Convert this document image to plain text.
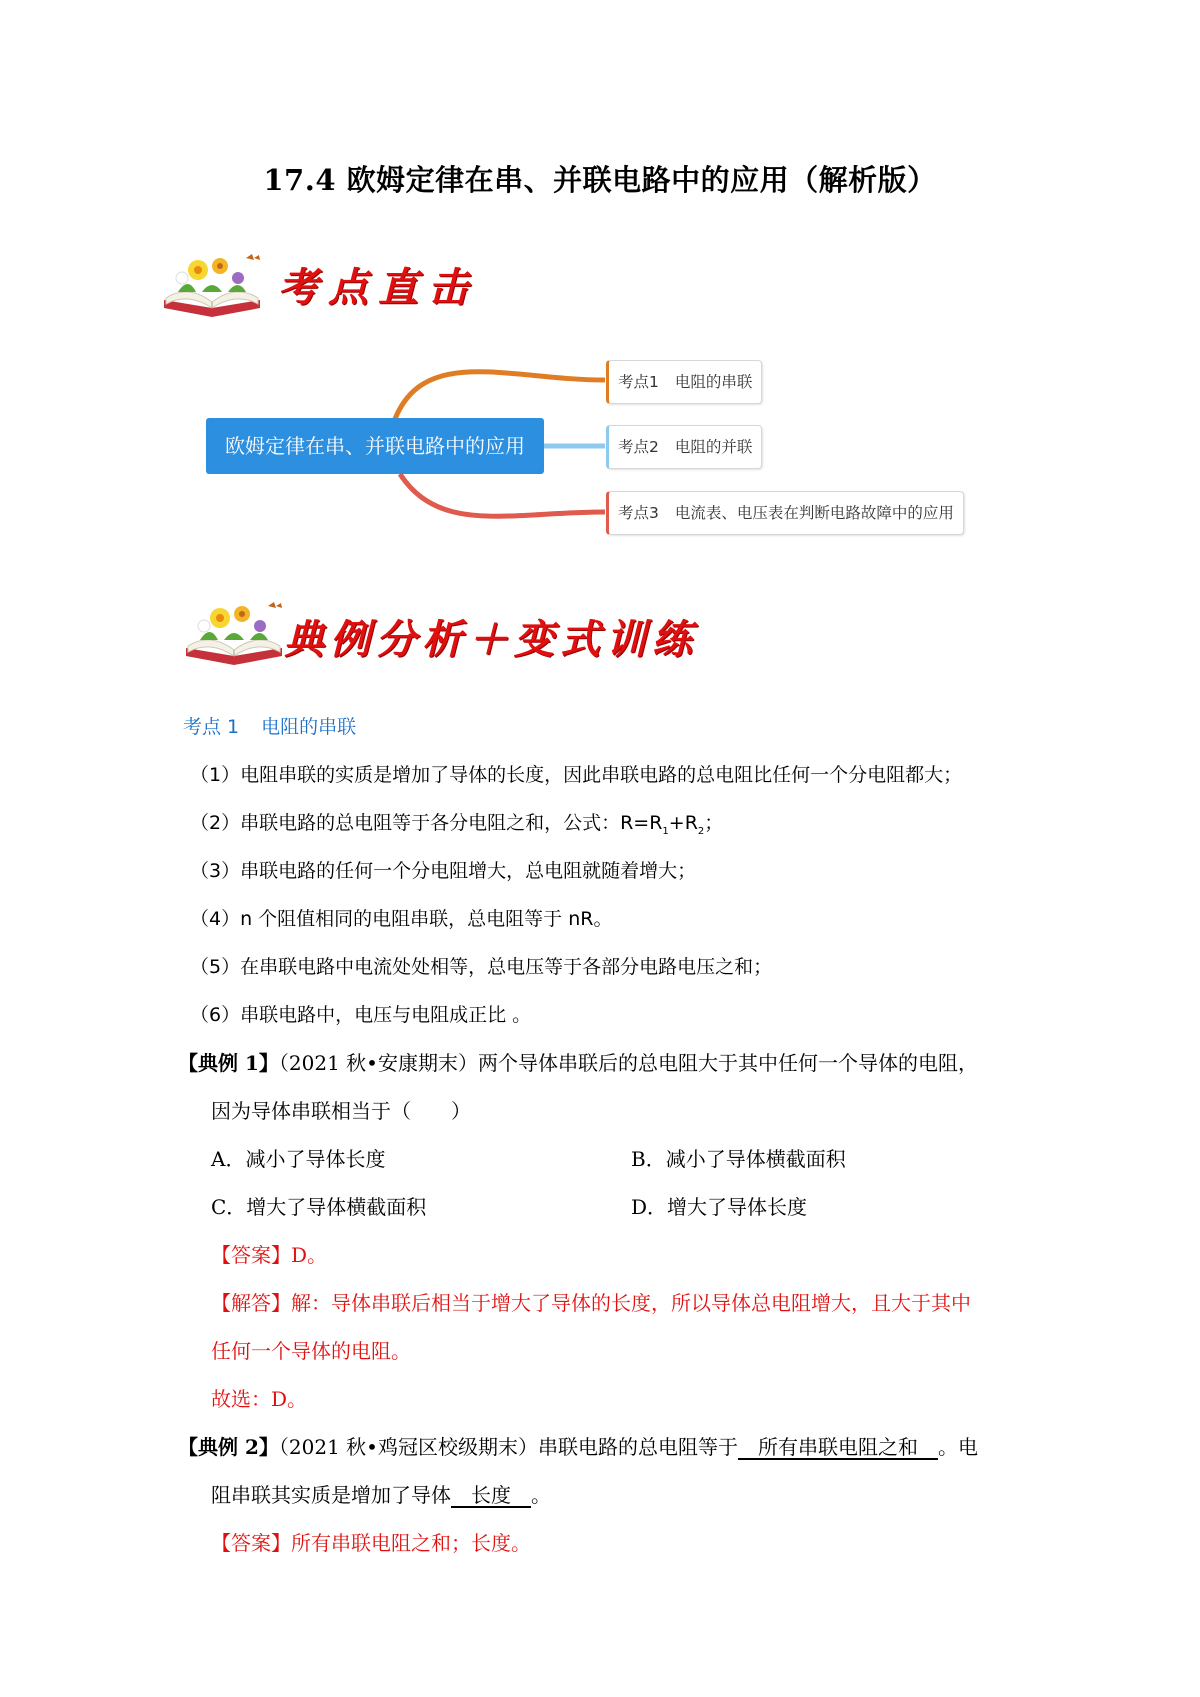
17.4 欧姆定律在串、并联电路中的应用（解析版）
考点直击
欧姆定律在串、并联电路中的应用
考点1 电阻的串联
考点2 电阻的并联
考点3 电流表、电压表在判断电路故障中的应用
典例分析＋变式训练
考点 1 电阻的串联
（1）电阻串联的实质是增加了导体的长度，因此串联电路的总电阻比任何一个分电阻都大；
（2）串联电路的总电阻等于各分电阻之和，公式：$R=R_1+R_2$；
（3）串联电路的任何一个分电阻增大，总电阻就随着增大；
（4）n 个阻值相同的电阻串联，总电阻等于 nR。
（5）在串联电路中电流处处相等，总电压等于各部分电路电压之和；
（6）串联电路中，电压与电阻成正比 。
【典例 1】（2021 秋•安康期末）两个导体串联后的总电阻大于其中任何一个导体的电阻，
因为导体串联相当于（　　）
A．减小了导体长度	B．减小了导体横截面积
C．增大了导体横截面积	D．增大了导体长度
【答案】D。
【解答】解：导体串联后相当于增大了导体的长度，所以导体总电阻增大，且大于其中
任何一个导体的电阻。
故选：D。
【典例 2】（2021 秋•鸡冠区校级期末）串联电路的总电阻等于　所有串联电阻之和　。电
阻串联其实质是增加了导体　长度　。
【答案】所有串联电阻之和；长度。
